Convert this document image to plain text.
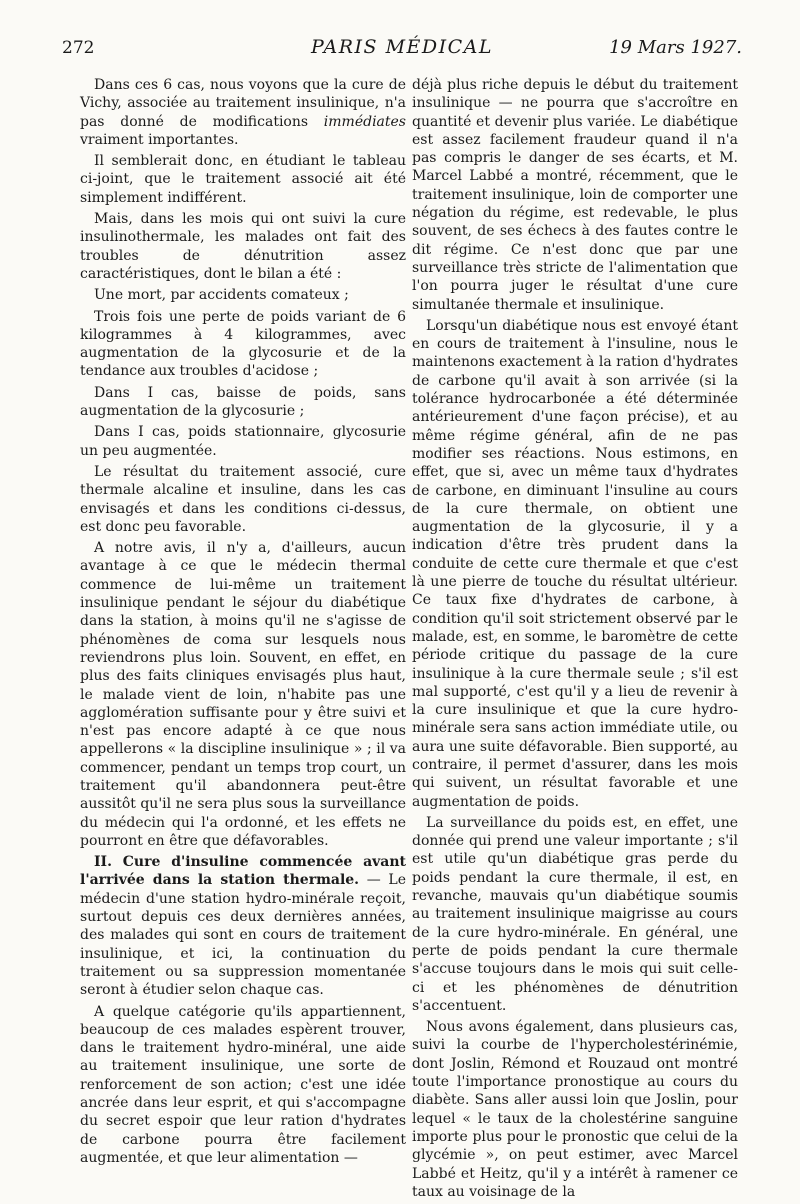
272	PARIS MÉDICAL	19 Mars 1927.

Dans ces 6 cas, nous voyons que la cure de Vichy, associée au traitement insulinique, n'a pas donné de modifications immédiates vraiment importantes.

Il semblerait donc, en étudiant le tableau ci-joint, que le traitement associé ait été simplement indifférent.

Mais, dans les mois qui ont suivi la cure insulinothermale, les malades ont fait des troubles de dénutrition assez caractéristiques, dont le bilan a été :

Une mort, par accidents comateux ;

Trois fois une perte de poids variant de 6 kilogrammes à 4 kilogrammes, avec augmentation de la glycosurie et de la tendance aux troubles d'acidose ;

Dans I cas, baisse de poids, sans augmentation de la glycosurie ;

Dans I cas, poids stationnaire, glycosurie un peu augmentée.

Le résultat du traitement associé, cure thermale alcaline et insuline, dans les cas envisagés et dans les conditions ci-dessus, est donc peu favorable.

A notre avis, il n'y a, d'ailleurs, aucun avantage à ce que le médecin thermal commence de lui-même un traitement insulinique pendant le séjour du diabétique dans la station, à moins qu'il ne s'agisse de phénomènes de coma sur lesquels nous reviendrons plus loin. Souvent, en effet, en plus des faits cliniques envisagés plus haut, le malade vient de loin, n'habite pas une agglomération suffisante pour y être suivi et n'est pas encore adapté à ce que nous appellerons « la discipline insulinique » ; il va commencer, pendant un temps trop court, un traitement qu'il abandonnera peut-être aussitôt qu'il ne sera plus sous la surveillance du médecin qui l'a ordonné, et les effets ne pourront en être que défavorables.

II. Cure d'insuline commencée avant l'arrivée dans la station thermale. — Le médecin d'une station hydro-minérale reçoit, surtout depuis ces deux dernières années, des malades qui sont en cours de traitement insulinique, et ici, la continuation du traitement ou sa suppression momentanée seront à étudier selon chaque cas.

A quelque catégorie qu'ils appartiennent, beaucoup de ces malades espèrent trouver, dans le traitement hydro-minéral, une aide au traitement insulinique, une sorte de renforcement de son action; c'est une idée ancrée dans leur esprit, et qui s'accompagne du secret espoir que leur ration d'hydrates de carbone pourra être facilement augmentée, et que leur alimentation —

déjà plus riche depuis le début du traitement insulinique — ne pourra que s'accroître en quantité et devenir plus variée. Le diabétique est assez facilement fraudeur quand il n'a pas compris le danger de ses écarts, et M. Marcel Labbé a montré, récemment, que le traitement insulinique, loin de comporter une négation du régime, est redevable, le plus souvent, de ses échecs à des fautes contre le dit régime. Ce n'est donc que par une surveillance très stricte de l'alimentation que l'on pourra juger le résultat d'une cure simultanée thermale et insulinique.

Lorsqu'un diabétique nous est envoyé étant en cours de traitement à l'insuline, nous le maintenons exactement à la ration d'hydrates de carbone qu'il avait à son arrivée (si la tolérance hydrocarbonée a été déterminée antérieurement d'une façon précise), et au même régime général, afin de ne pas modifier ses réactions. Nous estimons, en effet, que si, avec un même taux d'hydrates de carbone, en diminuant l'insuline au cours de la cure thermale, on obtient une augmentation de la glycosurie, il y a indication d'être très prudent dans la conduite de cette cure thermale et que c'est là une pierre de touche du résultat ultérieur. Ce taux fixe d'hydrates de carbone, à condition qu'il soit strictement observé par le malade, est, en somme, le baromètre de cette période critique du passage de la cure insulinique à la cure thermale seule ; s'il est mal supporté, c'est qu'il y a lieu de revenir à la cure insulinique et que la cure hydro-minérale sera sans action immédiate utile, ou aura une suite défavorable. Bien supporté, au contraire, il permet d'assurer, dans les mois qui suivent, un résultat favorable et une augmentation de poids.

La surveillance du poids est, en effet, une donnée qui prend une valeur importante ; s'il est utile qu'un diabétique gras perde du poids pendant la cure thermale, il est, en revanche, mauvais qu'un diabétique soumis au traitement insulinique maigrisse au cours de la cure hydro-minérale. En général, une perte de poids pendant la cure thermale s'accuse toujours dans le mois qui suit celle-ci et les phénomènes de dénutrition s'accentuent.

Nous avons également, dans plusieurs cas, suivi la courbe de l'hypercholestérinémie, dont Joslin, Rémond et Rouzaud ont montré toute l'importance pronostique au cours du diabète. Sans aller aussi loin que Joslin, pour lequel « le taux de la cholestérine sanguine importe plus pour le pronostic que celui de la glycémie », on peut estimer, avec Marcel Labbé et Heitz, qu'il y a intérêt à ramener ce taux au voisinage de la
